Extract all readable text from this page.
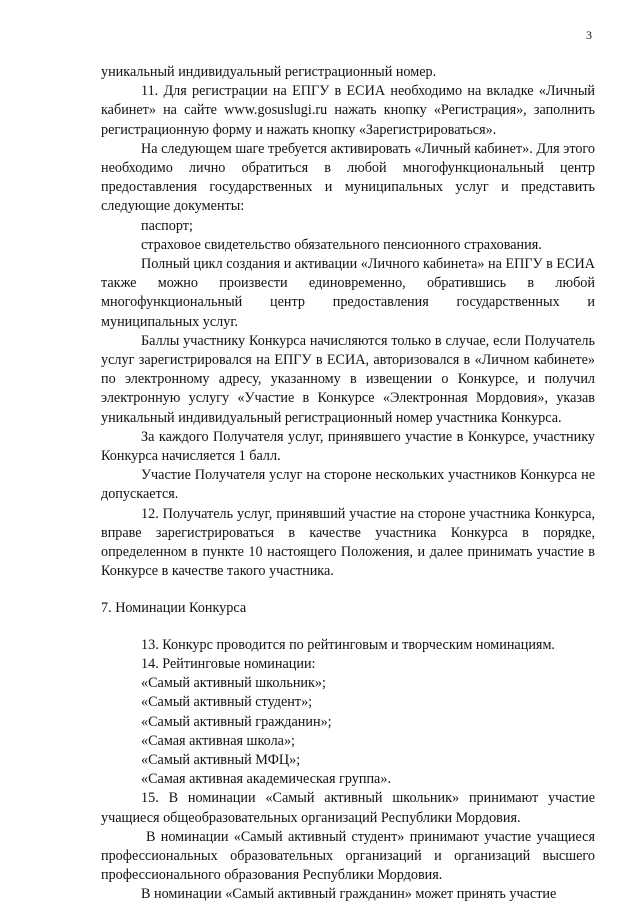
3

уникальный индивидуальный регистрационный номер.

11. Для регистрации на ЕПГУ в ЕСИА необходимо на вкладке «Личный кабинет» на сайте www.gosuslugi.ru нажать кнопку «Регистрация», заполнить регистрационную форму и нажать кнопку «Зарегистрироваться».

На следующем шаге требуется активировать «Личный кабинет». Для этого необходимо лично обратиться в любой многофункциональный центр предоставления государственных и муниципальных услуг и представить следующие документы:

паспорт;

страховое свидетельство обязательного пенсионного страхования.

Полный цикл создания и активации «Личного кабинета» на ЕПГУ в ЕСИА также можно произвести единовременно, обратившись в любой многофункциональный центр предоставления государственных и муниципальных услуг.

Баллы участнику Конкурса начисляются только в случае, если Получатель услуг зарегистрировался на ЕПГУ в ЕСИА, авторизовался в «Личном кабинете» по электронному адресу, указанному в извещении о Конкурсе, и получил электронную услугу «Участие в Конкурсе «Электронная Мордовия», указав уникальный индивидуальный регистрационный номер участника Конкурса.

За каждого Получателя услуг, принявшего участие в Конкурсе, участнику Конкурса начисляется 1 балл.

Участие Получателя услуг на стороне нескольких участников Конкурса не допускается.

12. Получатель услуг, принявший участие на стороне участника Конкурса, вправе зарегистрироваться в качестве участника Конкурса в порядке, определенном в пункте 10 настоящего Положения, и далее принимать участие в Конкурсе в качестве такого участника.

7. Номинации Конкурса

13. Конкурс проводится по рейтинговым и творческим номинациям.

14. Рейтинговые номинации:

«Самый активный школьник»;

«Самый активный студент»;

«Самый активный гражданин»;

«Самая активная школа»;

«Самый активный МФЦ»;

«Самая активная академическая группа».

15. В номинации «Самый активный школьник» принимают участие учащиеся общеобразовательных организаций Республики Мордовия.

В номинации «Самый активный студент» принимают участие учащиеся профессиональных образовательных организаций и организаций высшего профессионального образования Республики Мордовия.

В номинации «Самый активный гражданин» может принять участие
